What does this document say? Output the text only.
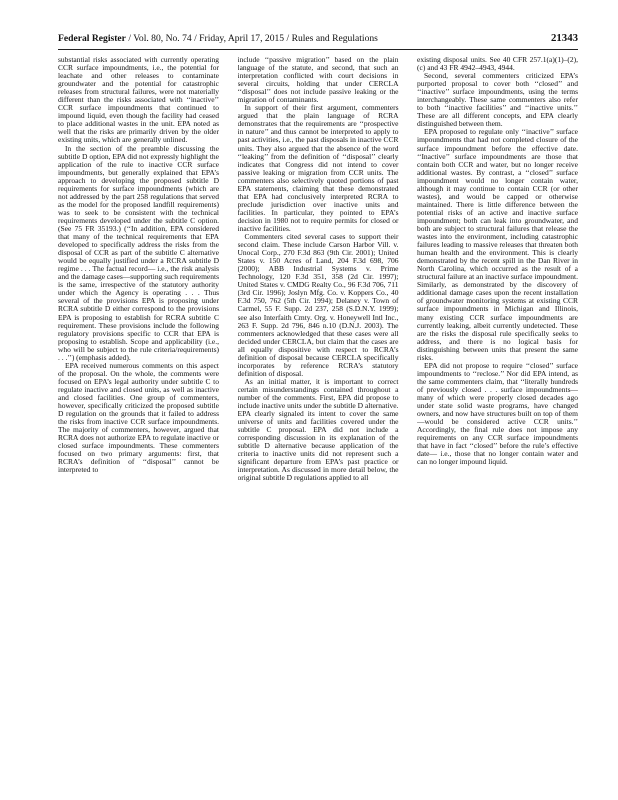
Federal Register / Vol. 80, No. 74 / Friday, April 17, 2015 / Rules and Regulations	21343

substantial risks associated with currently operating CCR surface impoundments, i.e., the potential for leachate and other releases to contaminate groundwater and the potential for catastrophic releases from structural failures, were not materially different than the risks associated with ‘‘inactive’’ CCR surface impoundments that continued to impound liquid, even though the facility had ceased to place additional wastes in the unit. EPA noted as well that the risks are primarily driven by the older existing units, which are generally unlined.

In the section of the preamble discussing the subtitle D option, EPA did not expressly highlight the application of the rule to inactive CCR surface impoundments, but generally explained that EPA’s approach to developing the proposed subtitle D requirements for surface impoundments (which are not addressed by the part 258 regulations that served as the model for the proposed landfill requirements) was to seek to be consistent with the technical requirements developed under the subtitle C option. (See 75 FR 35193.) (‘‘In addition, EPA considered that many of the technical requirements that EPA developed to specifically address the risks from the disposal of CCR as part of the subtitle C alternative would be equally justified under a RCRA subtitle D regime . . . The factual record— i.e., the risk analysis and the damage cases—supporting such requirements is the same, irrespective of the statutory authority under which the Agency is operating . . . Thus several of the provisions EPA is proposing under RCRA subtitle D either correspond to the provisions EPA is proposing to establish for RCRA subtitle C requirement. These provisions include the following regulatory provisions specific to CCR that EPA is proposing to establish. Scope and applicability (i.e., who will be subject to the rule criteria/requirements) . . .’’) (emphasis added).

EPA received numerous comments on this aspect of the proposal. On the whole, the comments were focused on EPA’s legal authority under subtitle C to regulate inactive and closed units, as well as inactive and closed facilities. One group of commenters, however, specifically criticized the proposed subtitle D regulation on the grounds that it failed to address the risks from inactive CCR surface impoundments. The majority of commenters, however, argued that RCRA does not authorize EPA to regulate inactive or closed surface impoundments. These commenters focused on two primary arguments: first, that RCRA’s definition of ‘‘disposal’’ cannot be interpreted to

include ‘‘passive migration’’ based on the plain language of the statute, and second, that such an interpretation conflicted with court decisions in several circuits, holding that under CERCLA ‘‘disposal’’ does not include passive leaking or the migration of contaminants.

In support of their first argument, commenters argued that the plain language of RCRA demonstrates that the requirements are ‘‘prospective in nature’’ and thus cannot be interpreted to apply to past activities, i.e., the past disposals in inactive CCR units. They also argued that the absence of the word ‘‘leaking’’ from the definition of ‘‘disposal’’ clearly indicates that Congress did not intend to cover passive leaking or migration from CCR units. The commenters also selectively quoted portions of past EPA statements, claiming that these demonstrated that EPA had conclusively interpreted RCRA to preclude jurisdiction over inactive units and facilities. In particular, they pointed to EPA’s decision in 1980 not to require permits for closed or inactive facilities.

Commenters cited several cases to support their second claim. These include Carson Harbor Vill. v. Unocal Corp., 270 F.3d 863 (9th Cir. 2001); United States v. 150 Acres of Land, 204 F.3d 698, 706 (2000); ABB Industrial Systems v. Prime Technology, 120 F.3d 351, 358 (2d Cir. 1997); United States v. CMDG Realty Co., 96 F.3d 706, 711 (3rd Cir. 1996); Joslyn Mfg. Co. v. Koppers Co., 40 F.3d 750, 762 (5th Cir. 1994); Delaney v. Town of Carmel, 55 F. Supp. 2d 237, 258 (S.D.N.Y. 1999); see also Interfaith Cmty. Org. v. Honeywell Intl Inc., 263 F. Supp. 2d 796, 846 n.10 (D.N.J. 2003). The commenters acknowledged that these cases were all decided under CERCLA, but claim that the cases are all equally dispositive with respect to RCRA’s definition of disposal because CERCLA specifically incorporates by reference RCRA’s statutory definition of disposal.

As an initial matter, it is important to correct certain misunderstandings contained throughout a number of the comments. First, EPA did propose to include inactive units under the subtitle D alternative. EPA clearly signaled its intent to cover the same universe of units and facilities covered under the subtitle C proposal. EPA did not include a corresponding discussion in its explanation of the subtitle D alternative because application of the criteria to inactive units did not represent such a significant departure from EPA’s past practice or interpretation. As discussed in more detail below, the original subtitle D regulations applied to all

existing disposal units. See 40 CFR 257.1(a)(1)–(2), (c) and 43 FR 4942–4943, 4944.

Second, several commenters criticized EPA’s purported proposal to cover both ‘‘closed’’ and ‘‘inactive’’ surface impoundments, using the terms interchangeably. These same commenters also refer to both ‘‘inactive facilities’’ and ‘‘inactive units.’’ These are all different concepts, and EPA clearly distinguished between them.

EPA proposed to regulate only ‘‘inactive’’ surface impoundments that had not completed closure of the surface impoundment before the effective date. ‘‘Inactive’’ surface impoundments are those that contain both CCR and water, but no longer receive additional wastes. By contrast, a ‘‘closed’’ surface impoundment would no longer contain water, although it may continue to contain CCR (or other wastes), and would be capped or otherwise maintained. There is little difference between the potential risks of an active and inactive surface impoundment; both can leak into groundwater, and both are subject to structural failures that release the wastes into the environment, including catastrophic failures leading to massive releases that threaten both human health and the environment. This is clearly demonstrated by the recent spill in the Dan River in North Carolina, which occurred as the result of a structural failure at an inactive surface impoundment. Similarly, as demonstrated by the discovery of additional damage cases upon the recent installation of groundwater monitoring systems at existing CCR surface impoundments in Michigan and Illinois, many existing CCR surface impoundments are currently leaking, albeit currently undetected. These are the risks the disposal rule specifically seeks to address, and there is no logical basis for distinguishing between units that present the same risks.

EPA did not propose to require ‘‘closed’’ surface impoundments to ‘‘reclose.’’ Nor did EPA intend, as the same commenters claim, that ‘‘literally hundreds of previously closed . . . surface impoundments—many of which were properly closed decades ago under state solid waste programs, have changed owners, and now have structures built on top of them—would be considered active CCR units.’’ Accordingly, the final rule does not impose any requirements on any CCR surface impoundments that have in fact ‘‘closed’’ before the rule’s effective date— i.e., those that no longer contain water and can no longer impound liquid.
